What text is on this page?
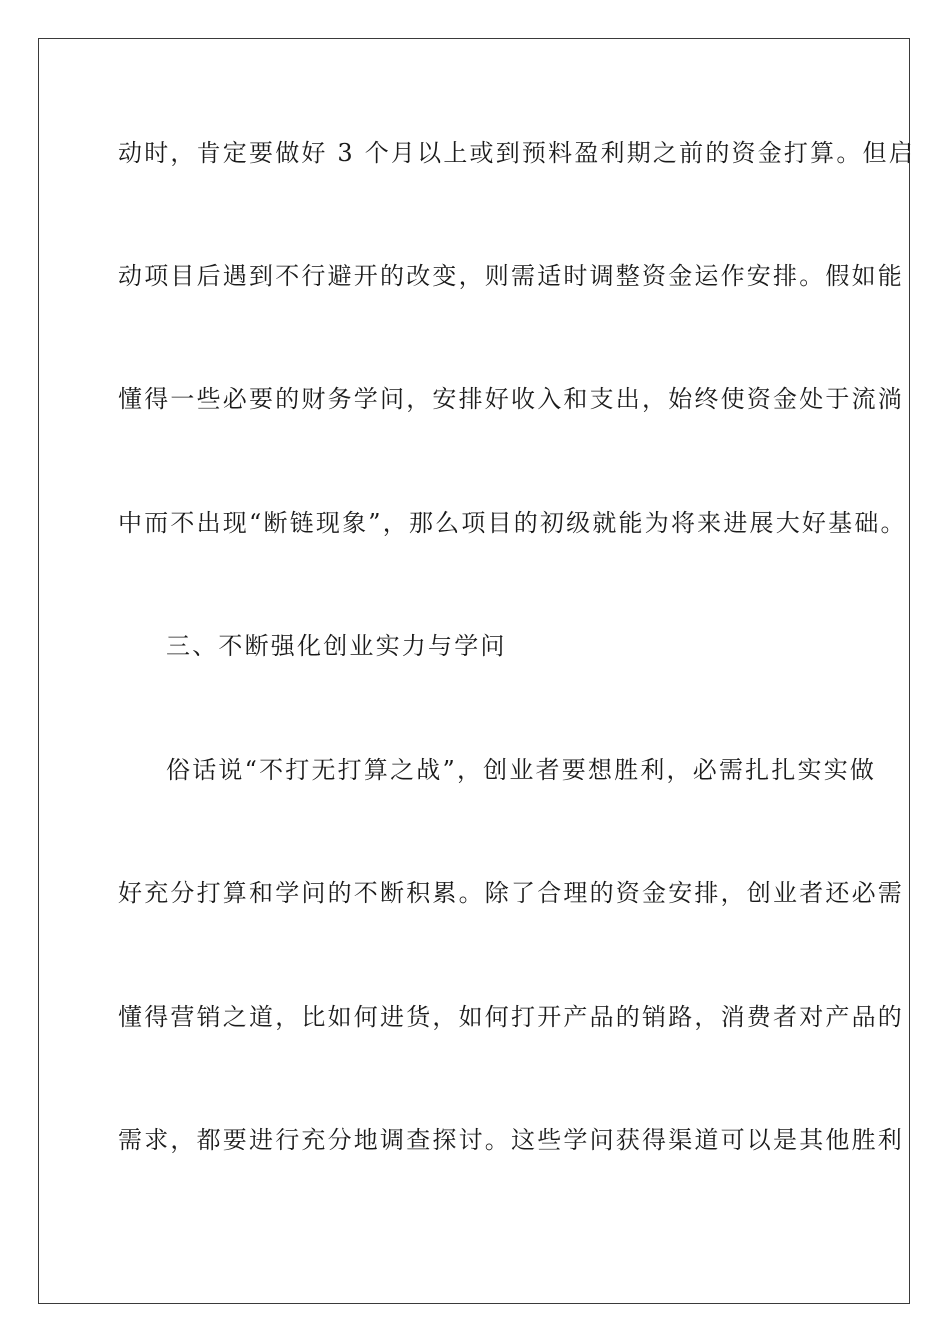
动时，肯定要做好 3 个月以上或到预料盈利期之前的资金打算。但启
动项目后遇到不行避开的改变，则需适时调整资金运作安排。假如能
懂得一些必要的财务学问，安排好收入和支出，始终使资金处于流淌
中而不出现“断链现象”，那么项目的初级就能为将来进展大好基础。
三、不断强化创业实力与学问
俗话说“不打无打算之战”，创业者要想胜利，必需扎扎实实做
好充分打算和学问的不断积累。除了合理的资金安排，创业者还必需
懂得营销之道，比如何进货，如何打开产品的销路，消费者对产品的
需求，都要进行充分地调查探讨。这些学问获得渠道可以是其他胜利
